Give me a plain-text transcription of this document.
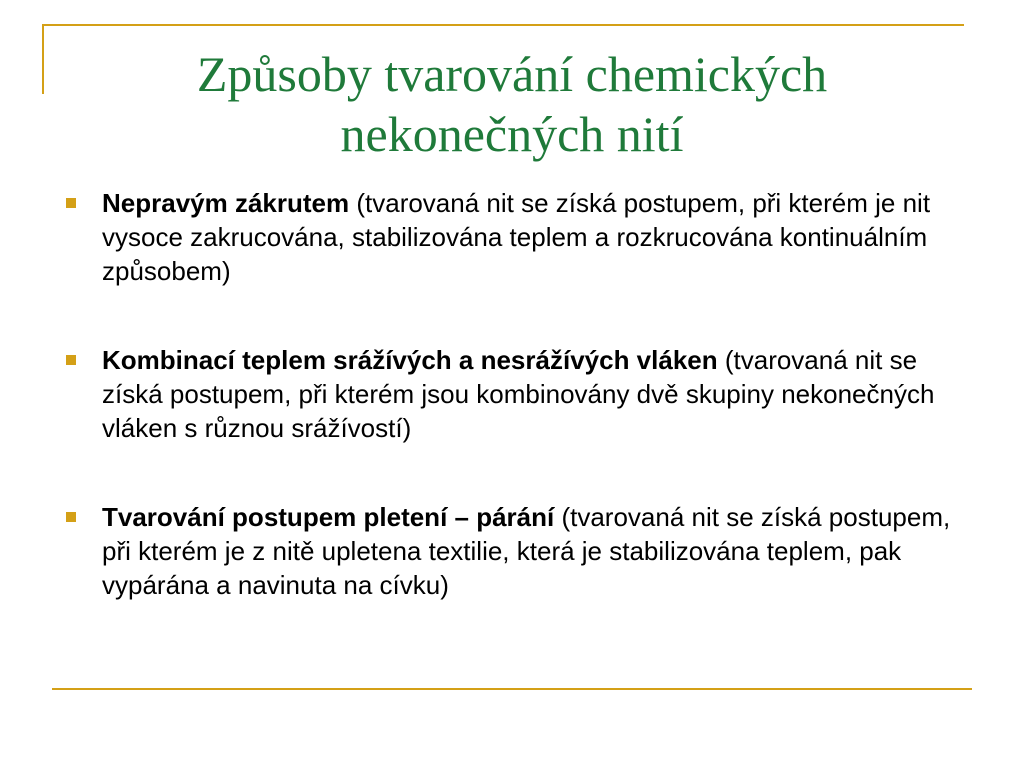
Způsoby tvarování chemických nekonečných nití
Nepravým zákrutem (tvarovaná nit se získá postupem, při kterém je nit vysoce zakrucována, stabilizována teplem a rozkrucována kontinuálním způsobem)
Kombinací teplem srážívých a nesrážívých vláken (tvarovaná nit se získá postupem, při kterém jsou kombinovány dvě skupiny nekonečných vláken s různou srážívostí)
Tvarování postupem pletení – párání (tvarovaná nit se získá postupem, při kterém je z nitě upletena textilie, která je stabilizována teplem, pak vypárána a navinuta na cívku)
